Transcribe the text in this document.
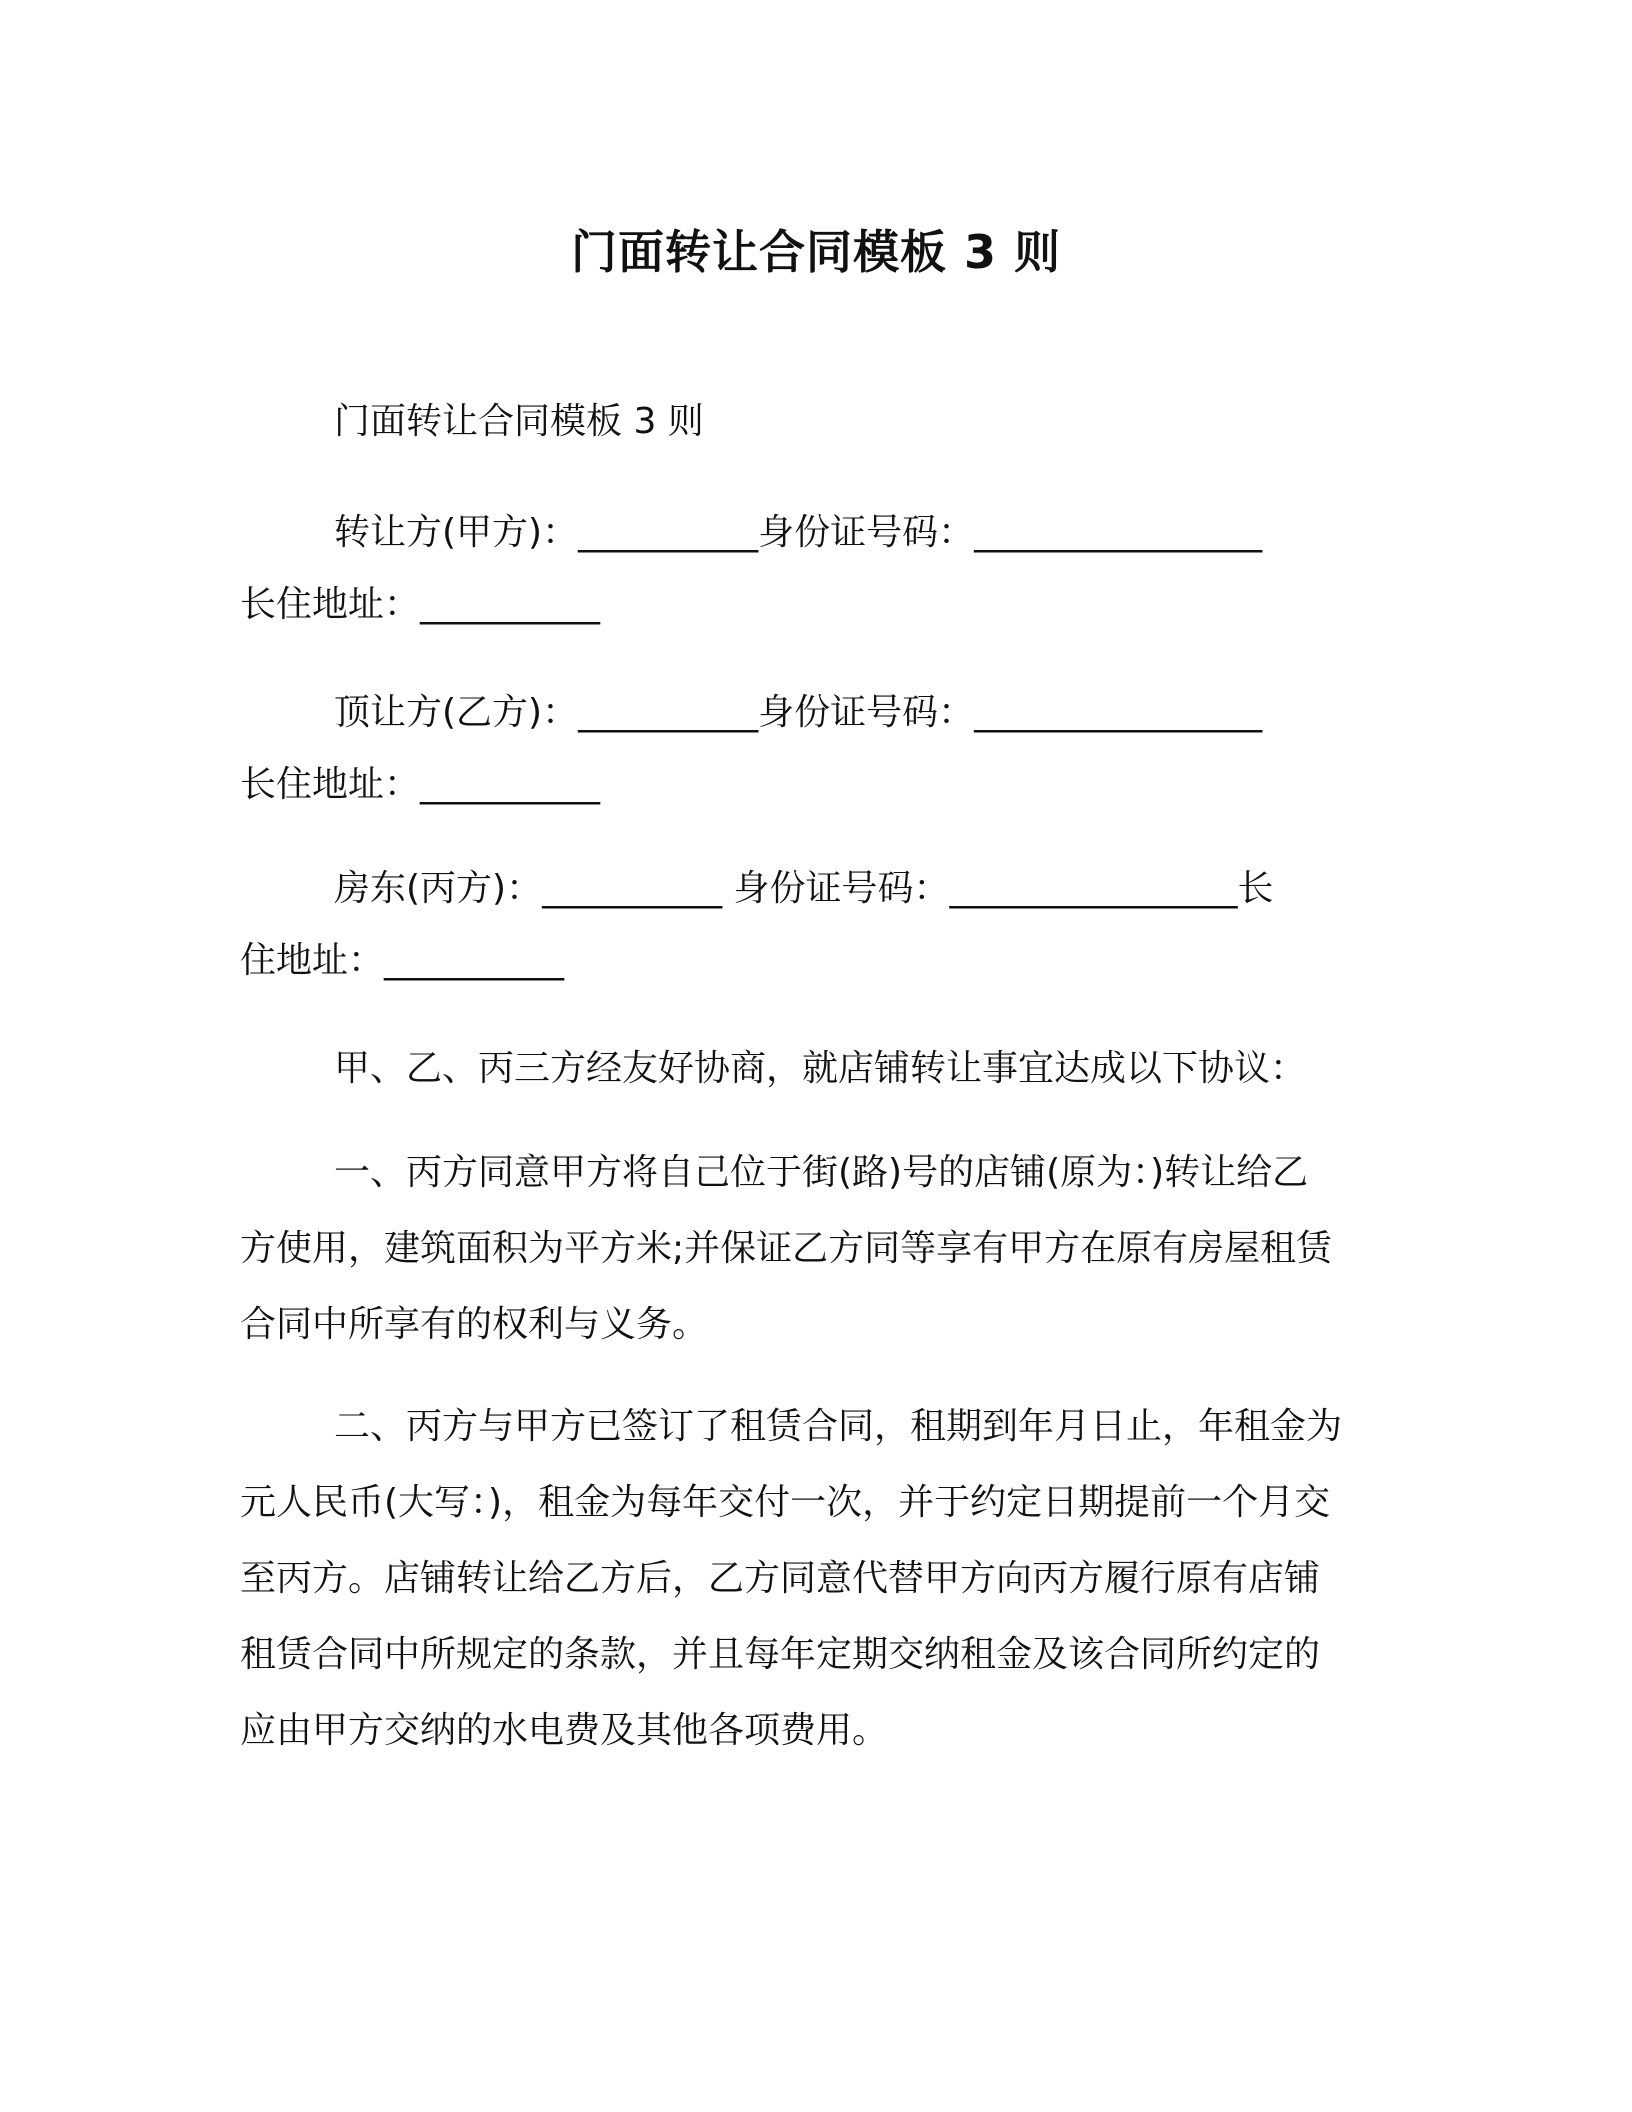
门面转让合同模板 3 则
门面转让合同模板 3 则
转让方(甲方)：__________身份证号码：________________
长住地址：__________
顶让方(乙方)：__________身份证号码：________________
长住地址：__________
房东(丙方)：__________ 身份证号码：________________长
住地址：__________
甲、乙、丙三方经友好协商，就店铺转让事宜达成以下协议：
一、丙方同意甲方将自己位于街(路)号的店铺(原为：)转让给乙
方使用，建筑面积为平方米;并保证乙方同等享有甲方在原有房屋租赁
合同中所享有的权利与义务。
二、丙方与甲方已签订了租赁合同，租期到年月日止，年租金为
元人民币(大写：)，租金为每年交付一次，并于约定日期提前一个月交
至丙方。店铺转让给乙方后，乙方同意代替甲方向丙方履行原有店铺
租赁合同中所规定的条款，并且每年定期交纳租金及该合同所约定的
应由甲方交纳的水电费及其他各项费用。
